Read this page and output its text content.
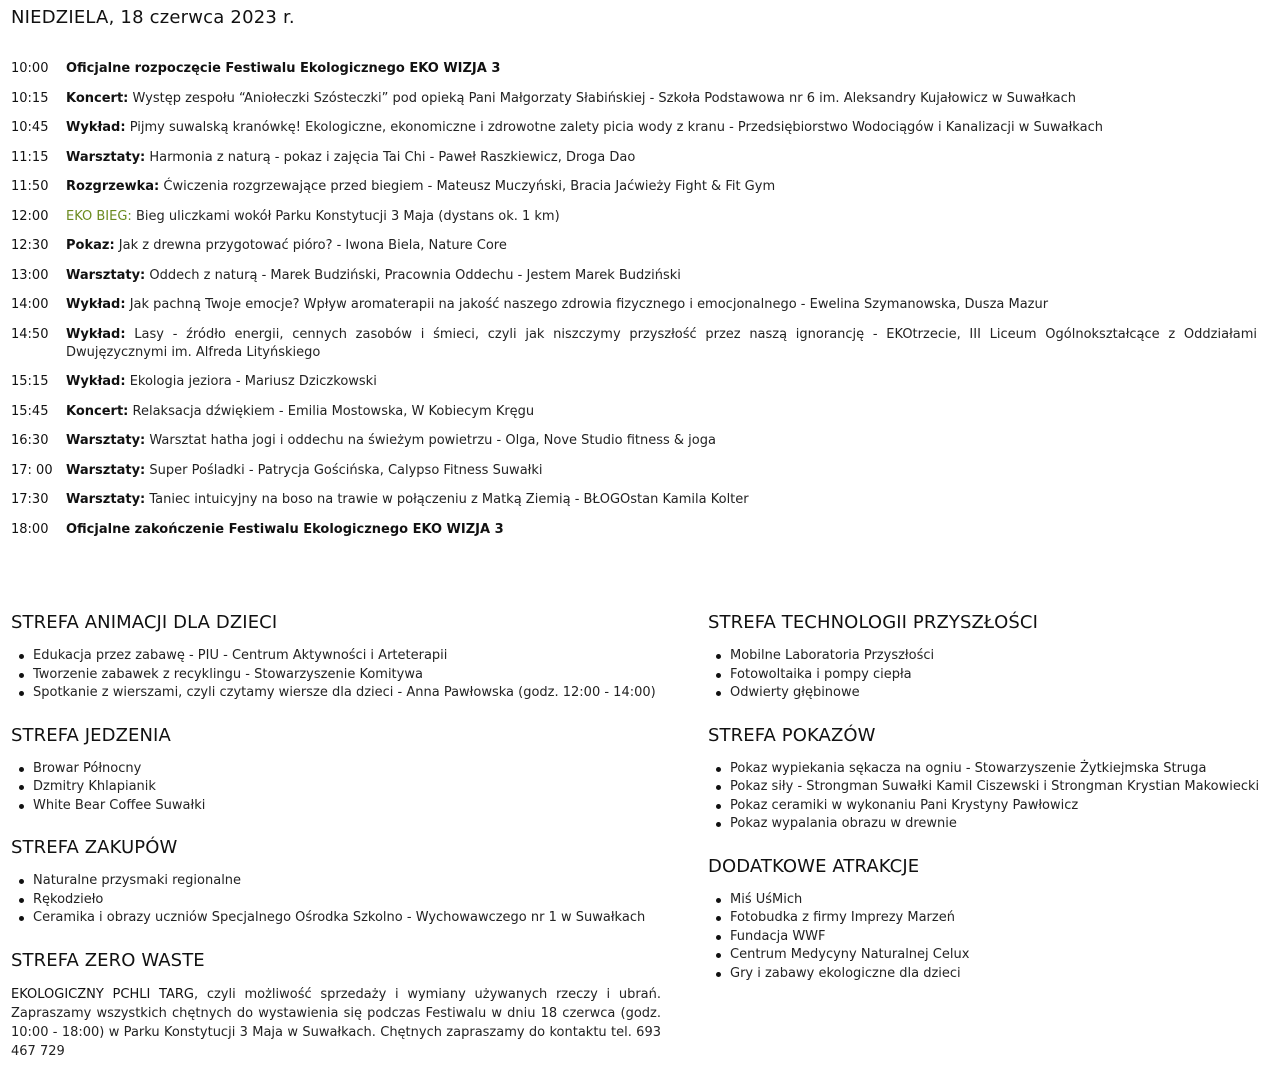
NIEDZIELA, 18 czerwca 2023 r.
10:00	Oficjalne rozpoczęcie Festiwalu Ekologicznego EKO WIZJA 3
10:15	Koncert: Występ zespołu “Aniołeczki Szósteczki” pod opieką Pani Małgorzaty Słabińskiej - Szkoła Podstawowa nr 6 im. Aleksandry Kujałowicz w Suwałkach
10:45	Wykład: Pijmy suwalską kranówkę! Ekologiczne, ekonomiczne i zdrowotne zalety picia wody z kranu - Przedsiębiorstwo Wodociągów i Kanalizacji w Suwałkach
11:15	Warsztaty: Harmonia z naturą - pokaz i zajęcia Tai Chi - Paweł Raszkiewicz, Droga Dao
11:50	Rozgrzewka: Ćwiczenia rozgrzewające przed biegiem - Mateusz Muczyński, Bracia Jaćwieży Fight & Fit Gym
12:00	EKO BIEG: Bieg uliczkami wokół Parku Konstytucji 3 Maja (dystans ok. 1 km)
12:30	Pokaz: Jak z drewna przygotować pióro? - Iwona Biela, Nature Core
13:00	Warsztaty: Oddech z naturą - Marek Budziński, Pracownia Oddechu - Jestem Marek Budziński
14:00	Wykład: Jak pachną Twoje emocje? Wpływ aromaterapii na jakość naszego zdrowia fizycznego i emocjonalnego - Ewelina Szymanowska, Dusza Mazur
14:50	Wykład: Lasy - źródło energii, cennych zasobów i śmieci, czyli jak niszczymy przyszłość przez naszą ignorancję - EKOtrzecie, III Liceum Ogólnokształcące z Oddziałami Dwujęzycznymi im. Alfreda Lityńskiego
15:15	Wykład: Ekologia jeziora - Mariusz Dziczkowski
15:45	Koncert: Relaksacja dźwiękiem - Emilia Mostowska, W Kobiecym Kręgu
16:30	Warsztaty: Warsztat hatha jogi i oddechu na świeżym powietrzu - Olga, Nove Studio fitness & joga
17: 00	Warsztaty: Super Pośladki - Patrycja Gościńska, Calypso Fitness Suwałki
17:30	Warsztaty: Taniec intuicyjny na boso na trawie w połączeniu z Matką Ziemią - BŁOGOstan Kamila Kolter
18:00	Oficjalne zakończenie Festiwalu Ekologicznego EKO WIZJA 3
STREFA ANIMACJI DLA DZIECI
Edukacja przez zabawę - PIU - Centrum Aktywności i Arteterapii
Tworzenie zabawek z recyklingu - Stowarzyszenie Komitywa
Spotkanie z wierszami, czyli czytamy wiersze dla dzieci - Anna Pawłowska (godz. 12:00 - 14:00)
STREFA JEDZENIA
Browar Północny
Dzmitry Khlapianik
White Bear Coffee Suwałki
STREFA ZAKUPÓW
Naturalne przysmaki regionalne
Rękodzieło
Ceramika i obrazy uczniów Specjalnego Ośrodka Szkolno - Wychowawczego nr 1 w Suwałkach
STREFA ZERO WASTE

EKOLOGICZNY PCHLI TARG, czyli możliwość sprzedaży i wymiany używanych rzeczy i ubrań. Zapraszamy wszystkich chętnych do wystawienia się podczas Festiwalu w dniu 18 czerwca (godz. 10:00 - 18:00) w Parku Konstytucji 3 Maja w Suwałkach. Chętnych zapraszamy do kontaktu tel. 693 467 729

STREFA TECHNOLOGII PRZYSZŁOŚCI
Mobilne Laboratoria Przyszłości
Fotowoltaika i pompy ciepła
Odwierty głębinowe
STREFA POKAZÓW
Pokaz wypiekania sękacza na ogniu - Stowarzyszenie Żytkiejmska Struga
Pokaz siły - Strongman Suwałki Kamil Ciszewski i Strongman Krystian Makowiecki
Pokaz ceramiki w wykonaniu Pani Krystyny Pawłowicz
Pokaz wypalania obrazu w drewnie
DODATKOWE ATRAKCJE
Miś UśMich
Fotobudka z firmy Imprezy Marzeń
Fundacja WWF
Centrum Medycyny Naturalnej Celux
Gry i zabawy ekologiczne dla dzieci
